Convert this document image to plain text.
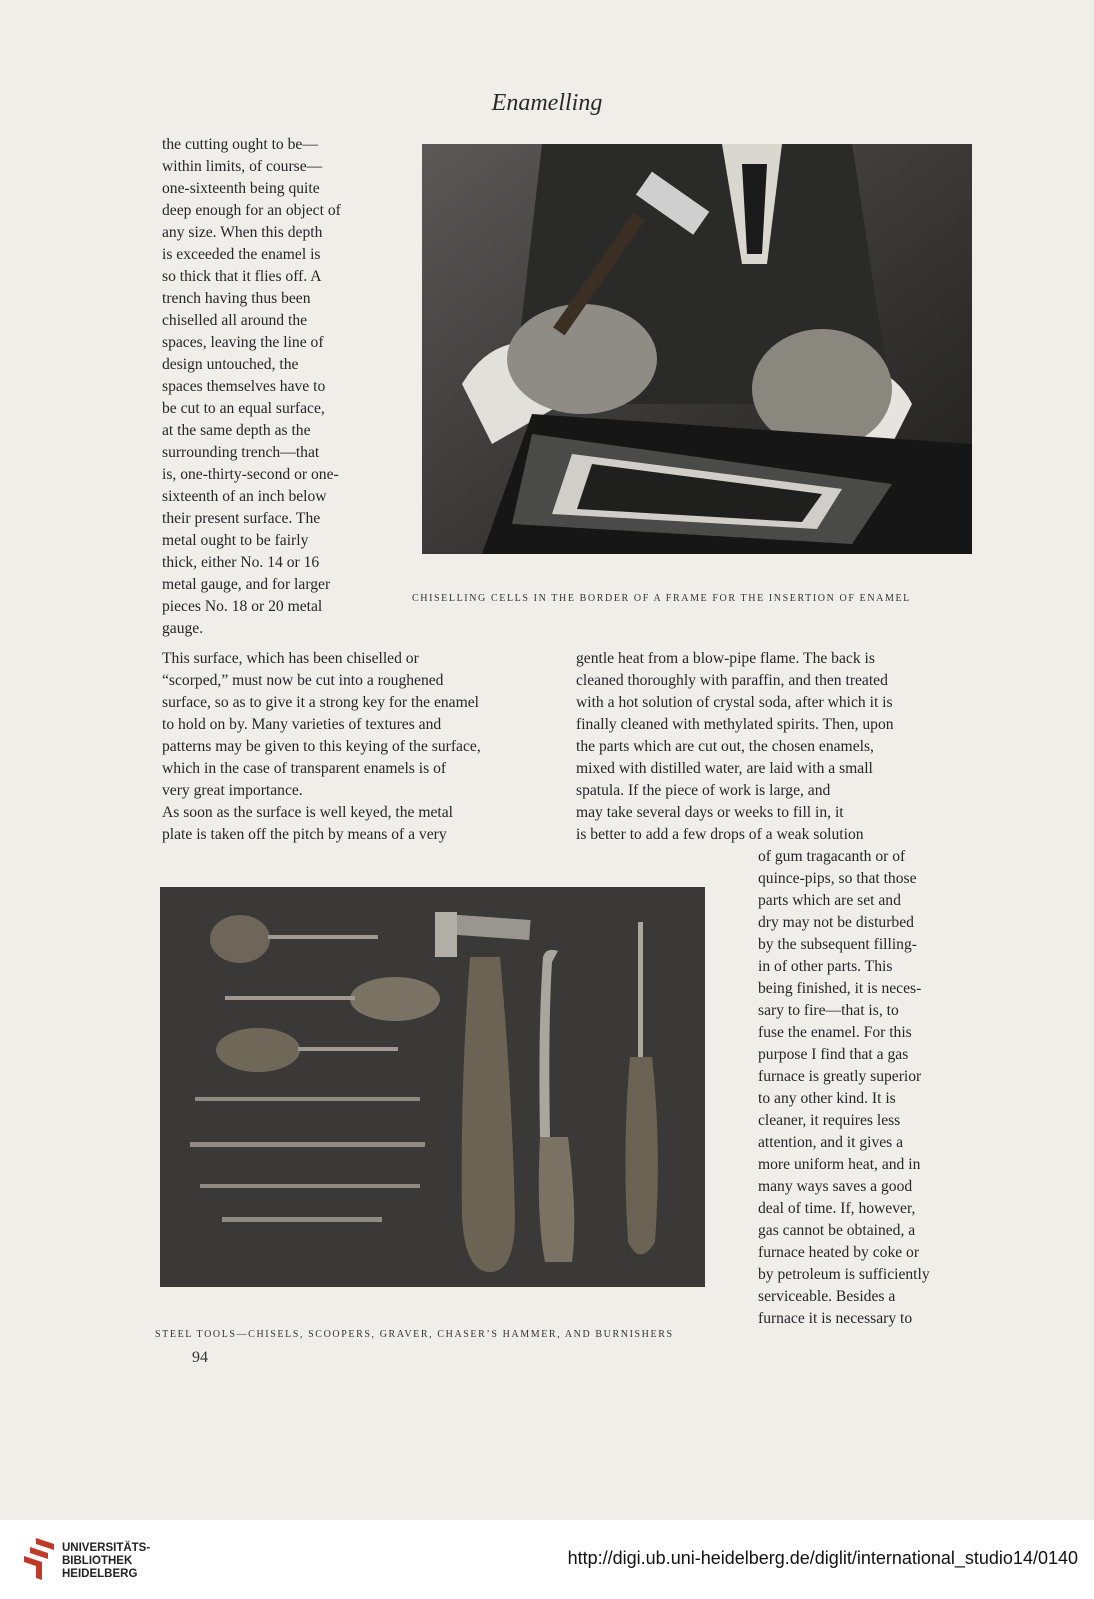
Enamelling
the cutting ought to be—
within limits, of course—
one-sixteenth being quite
deep enough for an object of
any size. When this depth
is exceeded the enamel is
so thick that it flies off. A
trench having thus been
chiselled all around the
spaces, leaving the line of
design untouched, the
spaces themselves have to
be cut to an equal surface,
at the same depth as the
surrounding trench—that
is, one-thirty-second or one-
sixteenth of an inch below
their present surface. The
metal ought to be fairly
thick, either No. 14 or 16
metal gauge, and for larger
pieces No. 18 or 20 metal
gauge.
CHISELLING CELLS IN THE BORDER OF A FRAME FOR THE INSERTION OF ENAMEL
This surface, which has been chiselled or
“scorped,” must now be cut into a roughened
surface, so as to give it a strong key for the enamel
to hold on by. Many varieties of textures and
patterns may be given to this keying of the surface,
which in the case of transparent enamels is of
very great importance.
As soon as the surface is well keyed, the metal
plate is taken off the pitch by means of a very
gentle heat from a blow-pipe flame. The back is
cleaned thoroughly with paraffin, and then treated
with a hot solution of crystal soda, after which it is
finally cleaned with methylated spirits. Then, upon
the parts which are cut out, the chosen enamels,
mixed with distilled water, are laid with a small
spatula. If the piece of work is large, and
may take several days or weeks to fill in, it
is better to add a few drops of a weak solution
STEEL TOOLS—CHISELS, SCOOPERS, GRAVER, CHASER’S HAMMER, AND BURNISHERS
of gum tragacanth or of
quince-pips, so that those
parts which are set and
dry may not be disturbed
by the subsequent filling-
in of other parts. This
being finished, it is neces-
sary to fire—that is, to
fuse the enamel. For this
purpose I find that a gas
furnace is greatly superior
to any other kind. It is
cleaner, it requires less
attention, and it gives a
more uniform heat, and in
many ways saves a good
deal of time. If, however,
gas cannot be obtained, a
furnace heated by coke or
by petroleum is sufficiently
serviceable. Besides a
furnace it is necessary to
94
UNIVERSITÄTS-
BIBLIOTHEK
HEIDELBERG
http://digi.ub.uni-heidelberg.de/diglit/international_studio14/0140
